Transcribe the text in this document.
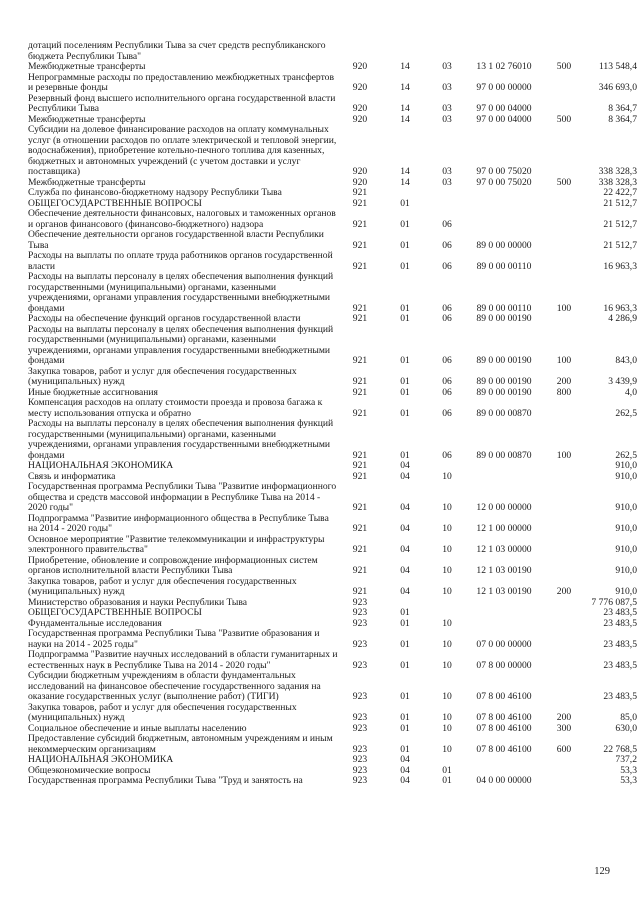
дотаций поселениям Республики Тыва за счет средств республиканского бюджета Республики Тыва"						
Межбюджетные трансферты	920	14	03	13 1 02 76010	500	113 548,4
Непрограммные расходы по предоставлению межбюджетных трансфертов и резервные фонды	920	14	03	97 0 00 00000		346 693,0
Резервный фонд высшего исполнительного органа государственной власти Республики Тыва	920	14	03	97 0 00 04000		8 364,7
Межбюджетные трансферты	920	14	03	97 0 00 04000	500	8 364,7
Субсидии на долевое финансирование расходов на оплату коммунальных услуг (в отношении расходов по оплате электрической и тепловой энергии, водоснабжения), приобретение котельно-печного топлива для казенных, бюджетных и автономных учреждений (с учетом доставки и услуг поставщика)	920	14	03	97 0 00 75020		338 328,3
Межбюджетные трансферты	920	14	03	97 0 00 75020	500	338 328,3
Служба по финансово-бюджетному надзору Республики Тыва	921					22 422,7
ОБЩЕГОСУДАРСТВЕННЫЕ ВОПРОСЫ	921	01				21 512,7
Обеспечение деятельности финансовых, налоговых и таможенных органов и органов финансового (финансово-бюджетного) надзора	921	01	06			21 512,7
Обеспечение деятельности органов государственной власти Республики Тыва	921	01	06	89 0 00 00000		21 512,7
Расходы на выплаты по оплате труда работников органов государственной власти	921	01	06	89 0 00 00110		16 963,3
Расходы на выплаты персоналу в целях обеспечения выполнения функций государственными (муниципальными) органами, казенными учреждениями, органами управления государственными внебюджетными фондами	921	01	06	89 0 00 00110	100	16 963,3
Расходы на обеспечение функций органов государственной власти	921	01	06	89 0 00 00190		4 286,9
Расходы на выплаты персоналу в целях обеспечения выполнения функций государственными (муниципальными) органами, казенными учреждениями, органами управления государственными внебюджетными фондами	921	01	06	89 0 00 00190	100	843,0
Закупка товаров, работ и услуг для обеспечения государственных (муниципальных) нужд	921	01	06	89 0 00 00190	200	3 439,9
Иные бюджетные ассигнования	921	01	06	89 0 00 00190	800	4,0
Компенсация расходов на оплату стоимости проезда и провоза багажа к месту использования отпуска и обратно	921	01	06	89 0 00 00870		262,5
Расходы на выплаты персоналу в целях обеспечения выполнения функций государственными (муниципальными) органами, казенными учреждениями, органами управления государственными внебюджетными фондами	921	01	06	89 0 00 00870	100	262,5
НАЦИОНАЛЬНАЯ ЭКОНОМИКА	921	04				910,0
Связь и информатика	921	04	10			910,0
Государственная программа Республики Тыва "Развитие информационного общества и средств массовой информации в Республике Тыва на 2014 - 2020 годы"	921	04	10	12 0 00 00000		910,0
Подпрограмма "Развитие информационного общества в Республике Тыва на 2014 - 2020 годы"	921	04	10	12 1 00 00000		910,0
Основное мероприятие "Развитие телекоммуникации и инфраструктуры электронного правительства"	921	04	10	12 1 03 00000		910,0
Приобретение, обновление и сопровождение информационных систем органов исполнительной власти Республики Тыва	921	04	10	12 1 03 00190		910,0
Закупка товаров, работ и услуг для обеспечения государственных (муниципальных) нужд	921	04	10	12 1 03 00190	200	910,0
Министерство образования и науки Республики Тыва	923					7 776 087,5
ОБЩЕГОСУДАРСТВЕННЫЕ ВОПРОСЫ	923	01				23 483,5
Фундаментальные исследования	923	01	10			23 483,5
Государственная программа Республики Тыва "Развитие образования и науки на 2014 - 2025 годы"	923	01	10	07 0 00 00000		23 483,5
Подпрограмма "Развитие научных исследований в области гуманитарных и естественных наук в Республике Тыва на 2014 - 2020 годы"	923	01	10	07 8 00 00000		23 483,5
Субсидии бюджетным учреждениям в области фундаментальных исследований на финансовое обеспечение государственного задания на оказание государственных услуг (выполнение работ) (ТИГИ)	923	01	10	07 8 00 46100		23 483,5
Закупка товаров, работ и услуг для обеспечения государственных (муниципальных) нужд	923	01	10	07 8 00 46100	200	85,0
Социальное обеспечение и иные выплаты населению	923	01	10	07 8 00 46100	300	630,0
Предоставление субсидий бюджетным, автономным учреждениям и иным некоммерческим организациям	923	01	10	07 8 00 46100	600	22 768,5
НАЦИОНАЛЬНАЯ ЭКОНОМИКА	923	04				737,2
Общеэкономические вопросы	923	04	01			53,3
Государственная программа Республики Тыва "Труд и занятость на	923	04	01	04 0 00 00000		53,3
129
